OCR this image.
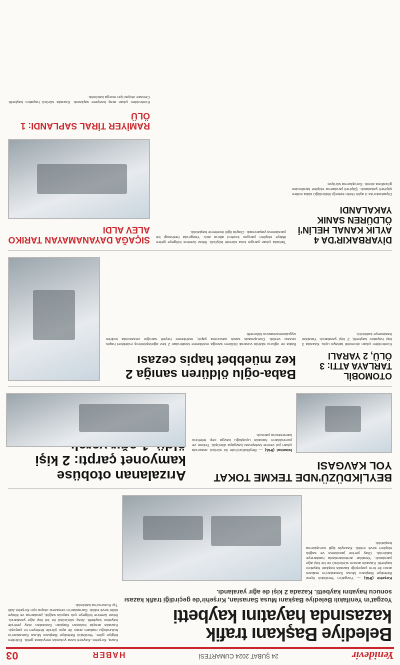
Yenidevir
24 ŞUBAT 2024 CUMARTESİ
HABER
03
Belediye Başkanı trafik kazasında hayatını kaybetti
Yozgat'ın Yenifakılı Belediye Başkanı Musa Sarıaslan, Kırşehir'de geçirdiği trafik kazası sonucu hayatını kaybetti. Kazada 2 kişi de ağır yaralandı.
Kırşehir (İHA) — Yozgat'ın Yenifakılı ilçesi Belediye Başkanı Musa Sarıaslan'ın makam aracı ile tırın çarpıştığı kazada başkan hayatını kaybetti. Kazada aracın sürücüsü ve bir kişi ağır yaralandı. Yaralılar ambulanslarla hastaneye kaldırıldı. Olay yerine jandarma ve sağlık ekipleri sevk edildi. Kazayla ilgili soruşturma başlatıldı.
Kaza, Kırşehir–Kayseri kara yolunda meydana geldi. Edinilen bilgiye göre, Yenifakılı Belediye Başkanı Musa Sarıaslan'ın bulunduğu makam aracı ile aynı yönde ilerleyen tır çarpıştı. Kazada araçta bulunan Başkan Sarıaslan olay yerinde hayatını kaybetti. Araç sürücüsü ile bir kişi ağır yaralandı. İhbar üzerine bölgeye çok sayıda sağlık, jandarma ve itfaiye ekibi sevk edildi. Sarıaslan'ın cenazesi otopsi için Kırşehir Adli Tıp Kurumu'na kaldırıldı.
BEYLİKDÜZÜ'NDE TEKME TOKAT YOL KAVGASI
İstanbul (İHA) — Beylikdüzü'nde iki sürücü arasında çıkan yol verme tartışması kavgaya dönüştü. Tekme ve yumrukların havada uçuştuğu kavga cep telefonu kamerasına yansıdı.
Arızalanan otobüse kamyonet çarptı: 2 kişi
OTOMOBİL TARLAYA ATTI: 3 ÖLÜ, 2 YARALI
Kontrolden çıkan otomobil tarlaya uçtu. Kazada 3 kişi hayatını kaybetti, 2 kişi yaralandı. Yaralılar hastaneye kaldırıldı.
Baba-oğlu öldüren sanığa 2 kez müebbet hapis cezası
Baba ve oğlunu silahla vurarak öldüren sanığa mahkeme tarafından 2 kez ağırlaştırılmış müebbet hapis cezası verildi. Duruşmada sanık savunma yaptı; mahkeme heyeti sanığın cezasında indirim uygulanmamasına hükmetti.
DİYARBAKIR'DA 4 AYLIK KANAL HELİN'İ ÖLDÜREN SANIK YAKALANDI
Diyarbakır'da 4 aylık Helin bebeği öldürdüğü iddia edilen şüpheli yakalandı. Şüpheli jandarma ekipleri tarafından gözaltına alındı. Soruşturma sürüyor.
Tarlada çıkan yangın kısa sürede büyüdü. İhbar üzerine bölgeye gelen itfaiye ekipleri yangını kontrol altına aldı. Yangında herhangi bir yaralanma yaşanmadı. Olayla ilgili inceleme başlatıldı.
SIÇAĞA DAYANAMAYAN TARIKO ALEV ALDI
RAMİYER TİRAL SAPLANDI: 1 ÖLÜ
Kontrolden çıkan araç bariyere saplandı. Kazada sürücü hayatını kaybetti. Cenaze otopsi için morga kaldırıldı.
